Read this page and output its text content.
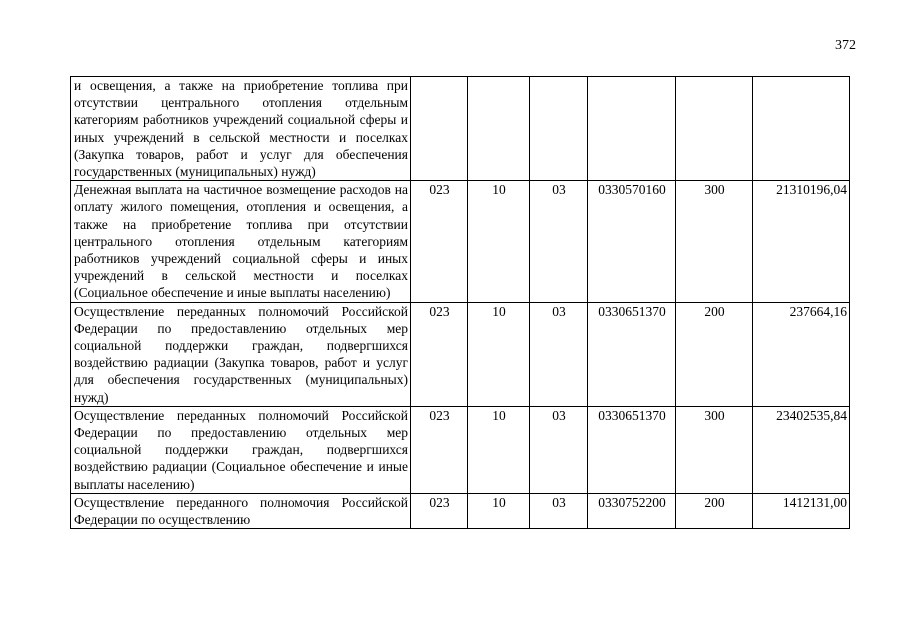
372
и освещения, а также на приобретение топлива при отсутствии центрального отопления отдельным категориям работников учреждений социальной сферы и иных учреждений в сельской местности и поселках (Закупка товаров, работ и услуг для обеспечения государственных (муниципальных) нужд)						
Денежная выплата на частичное возмещение расходов на оплату жилого помещения, отопления и освещения, а также на приобретение топлива при отсутствии центрального отопления отдельным категориям работников учреждений социальной сферы и иных учреждений в сельской местности и поселках (Социальное обеспечение и иные выплаты населению)	023	10	03	0330570160	300	21310196,04
Осуществление переданных полномочий Российской Федерации по предоставлению отдельных мер социальной поддержки граждан, подвергшихся воздействию радиации (Закупка товаров, работ и услуг для обеспечения государственных (муниципальных) нужд)	023	10	03	0330651370	200	237664,16
Осуществление переданных полномочий Российской Федерации по предоставлению отдельных мер социальной поддержки граждан, подвергшихся воздействию радиации (Социальное обеспечение и иные выплаты населению)	023	10	03	0330651370	300	23402535,84
Осуществление переданного полномочия Российской Федерации по осуществлению	023	10	03	0330752200	200	1412131,00
